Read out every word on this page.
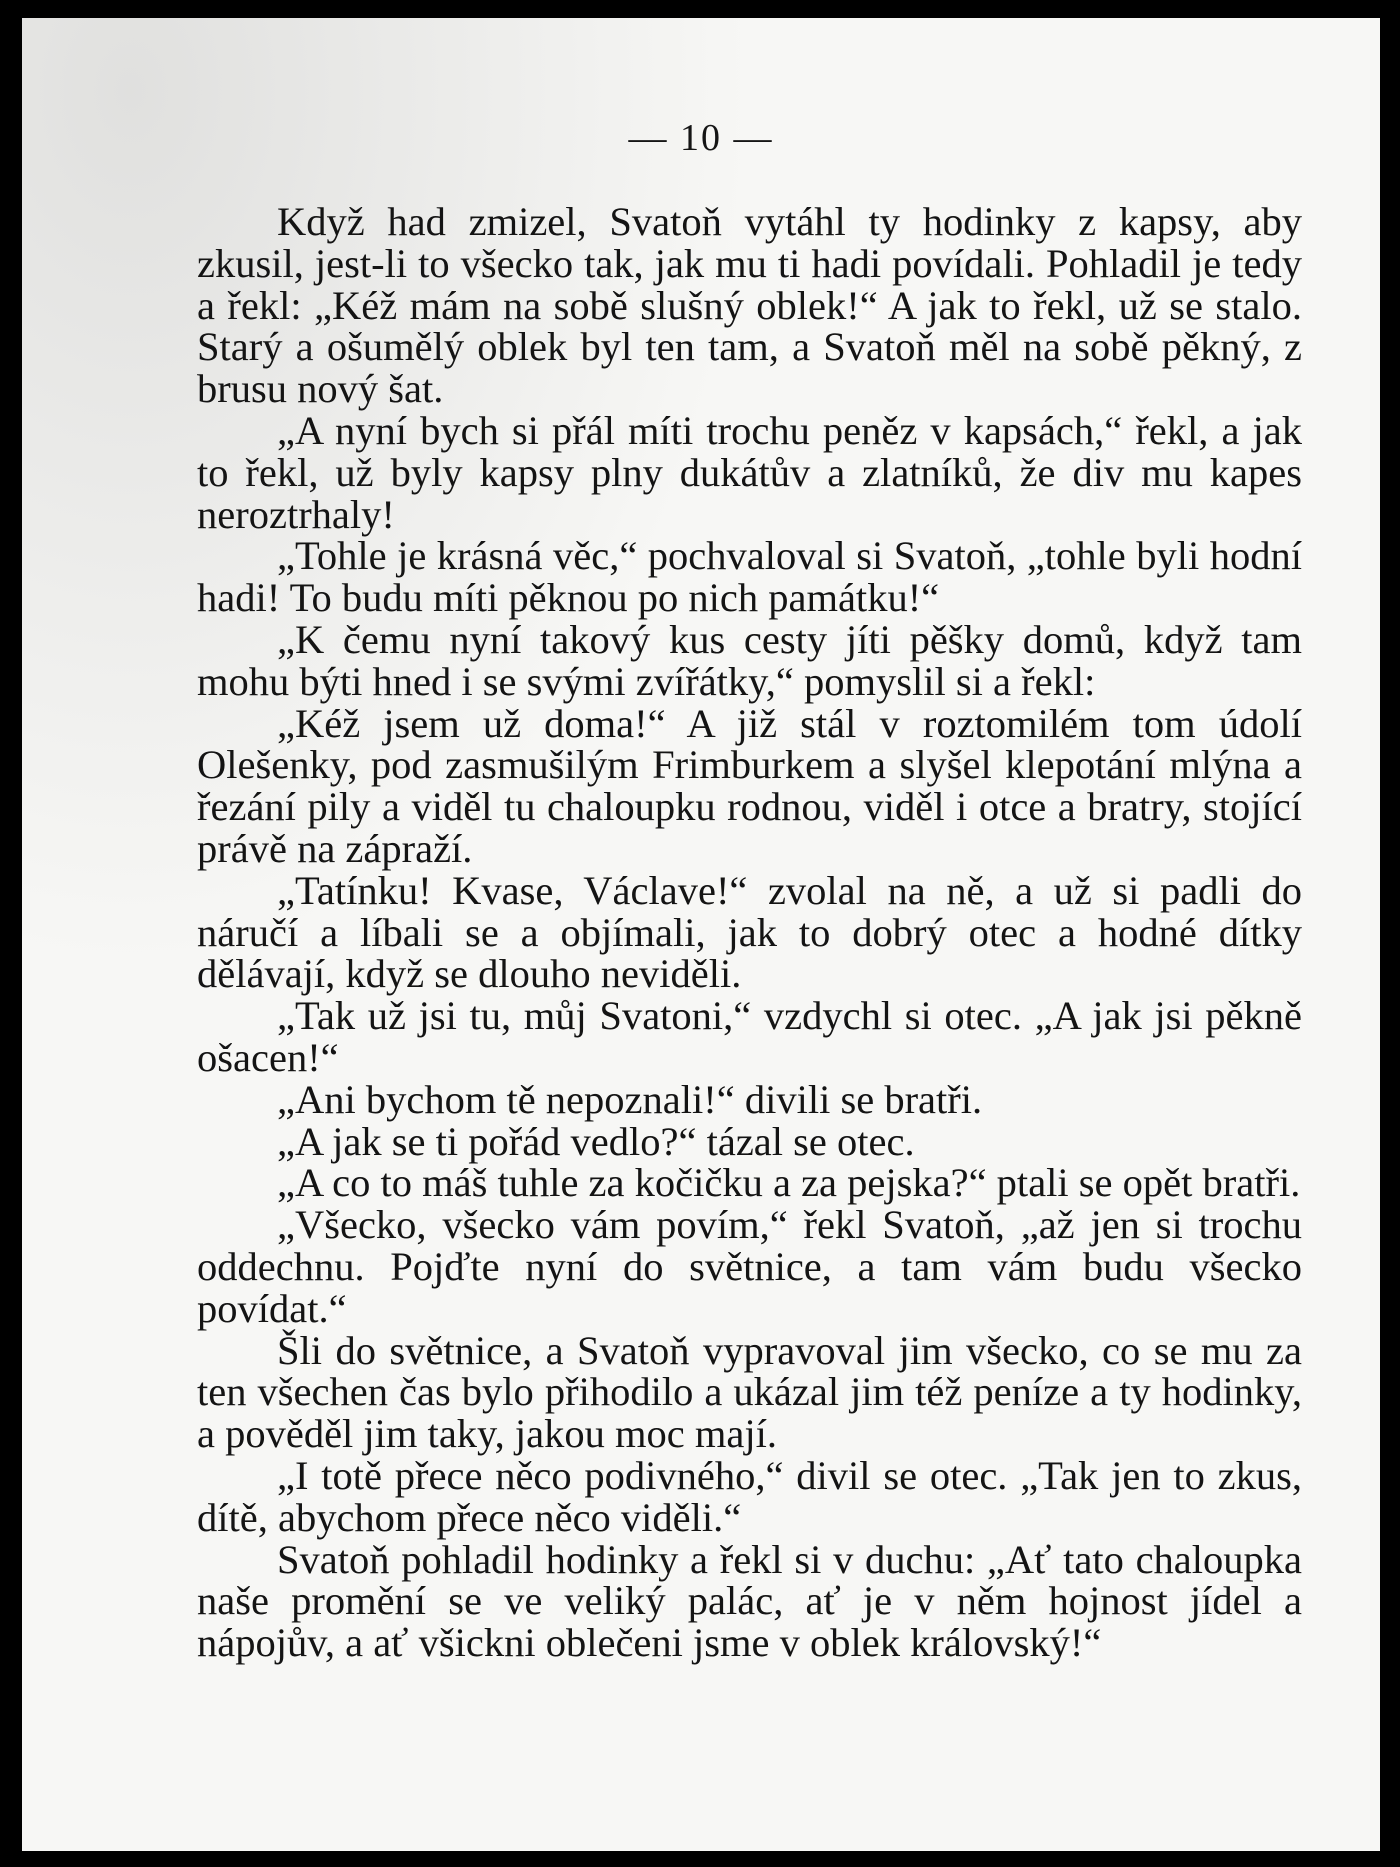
— 10 —

Když had zmizel, Svatoň vytáhl ty hodinky z kapsy, aby zkusil, jest-li to všecko tak, jak mu ti hadi povídali. Pohladil je tedy a řekl: „Kéž mám na sobě slušný oblek!“ A jak to řekl, už se stalo. Starý a ošumělý oblek byl ten tam, a Svatoň měl na sobě pěkný, z brusu nový šat.

„A nyní bych si přál míti trochu peněz v kapsách,“ řekl, a jak to řekl, už byly kapsy plny dukátův a zlatníků, že div mu kapes neroztrhaly!

„Tohle je krásná věc,“ pochvaloval si Svatoň, „tohle byli hodní hadi! To budu míti pěknou po nich památku!“

„K čemu nyní takový kus cesty jíti pěšky domů, když tam mohu býti hned i se svými zvířátky,“ pomyslil si a řekl:

„Kéž jsem už doma!“ A již stál v roztomilém tom údolí Olešenky, pod zasmušilým Frimburkem a slyšel klepotání mlýna a řezání pily a viděl tu chaloupku rodnou, viděl i otce a bratry, stojící právě na zápraží.

„Tatínku! Kvase, Václave!“ zvolal na ně, a už si padli do náručí a líbali se a objímali, jak to dobrý otec a hodné dítky dělávají, když se dlouho neviděli.

„Tak už jsi tu, můj Svatoni,“ vzdychl si otec. „A jak jsi pěkně ošacen!“

„Ani bychom tě nepoznali!“ divili se bratři.

„A jak se ti pořád vedlo?“ tázal se otec.

„A co to máš tuhle za kočičku a za pejska?“ ptali se opět bratři.

„Všecko, všecko vám povím,“ řekl Svatoň, „až jen si trochu oddechnu. Pojďte nyní do světnice, a tam vám budu všecko povídat.“

Šli do světnice, a Svatoň vypravoval jim všecko, co se mu za ten všechen čas bylo přihodilo a ukázal jim též peníze a ty hodinky, a pověděl jim taky, jakou moc mají.

„I totě přece něco podivného,“ divil se otec. „Tak jen to zkus, dítě, abychom přece něco viděli.“

Svatoň pohladil hodinky a řekl si v duchu: „Ať tato chaloupka naše promění se ve veliký palác, ať je v něm hojnost jídel a nápojův, a ať všickni oblečeni jsme v oblek královský!“
